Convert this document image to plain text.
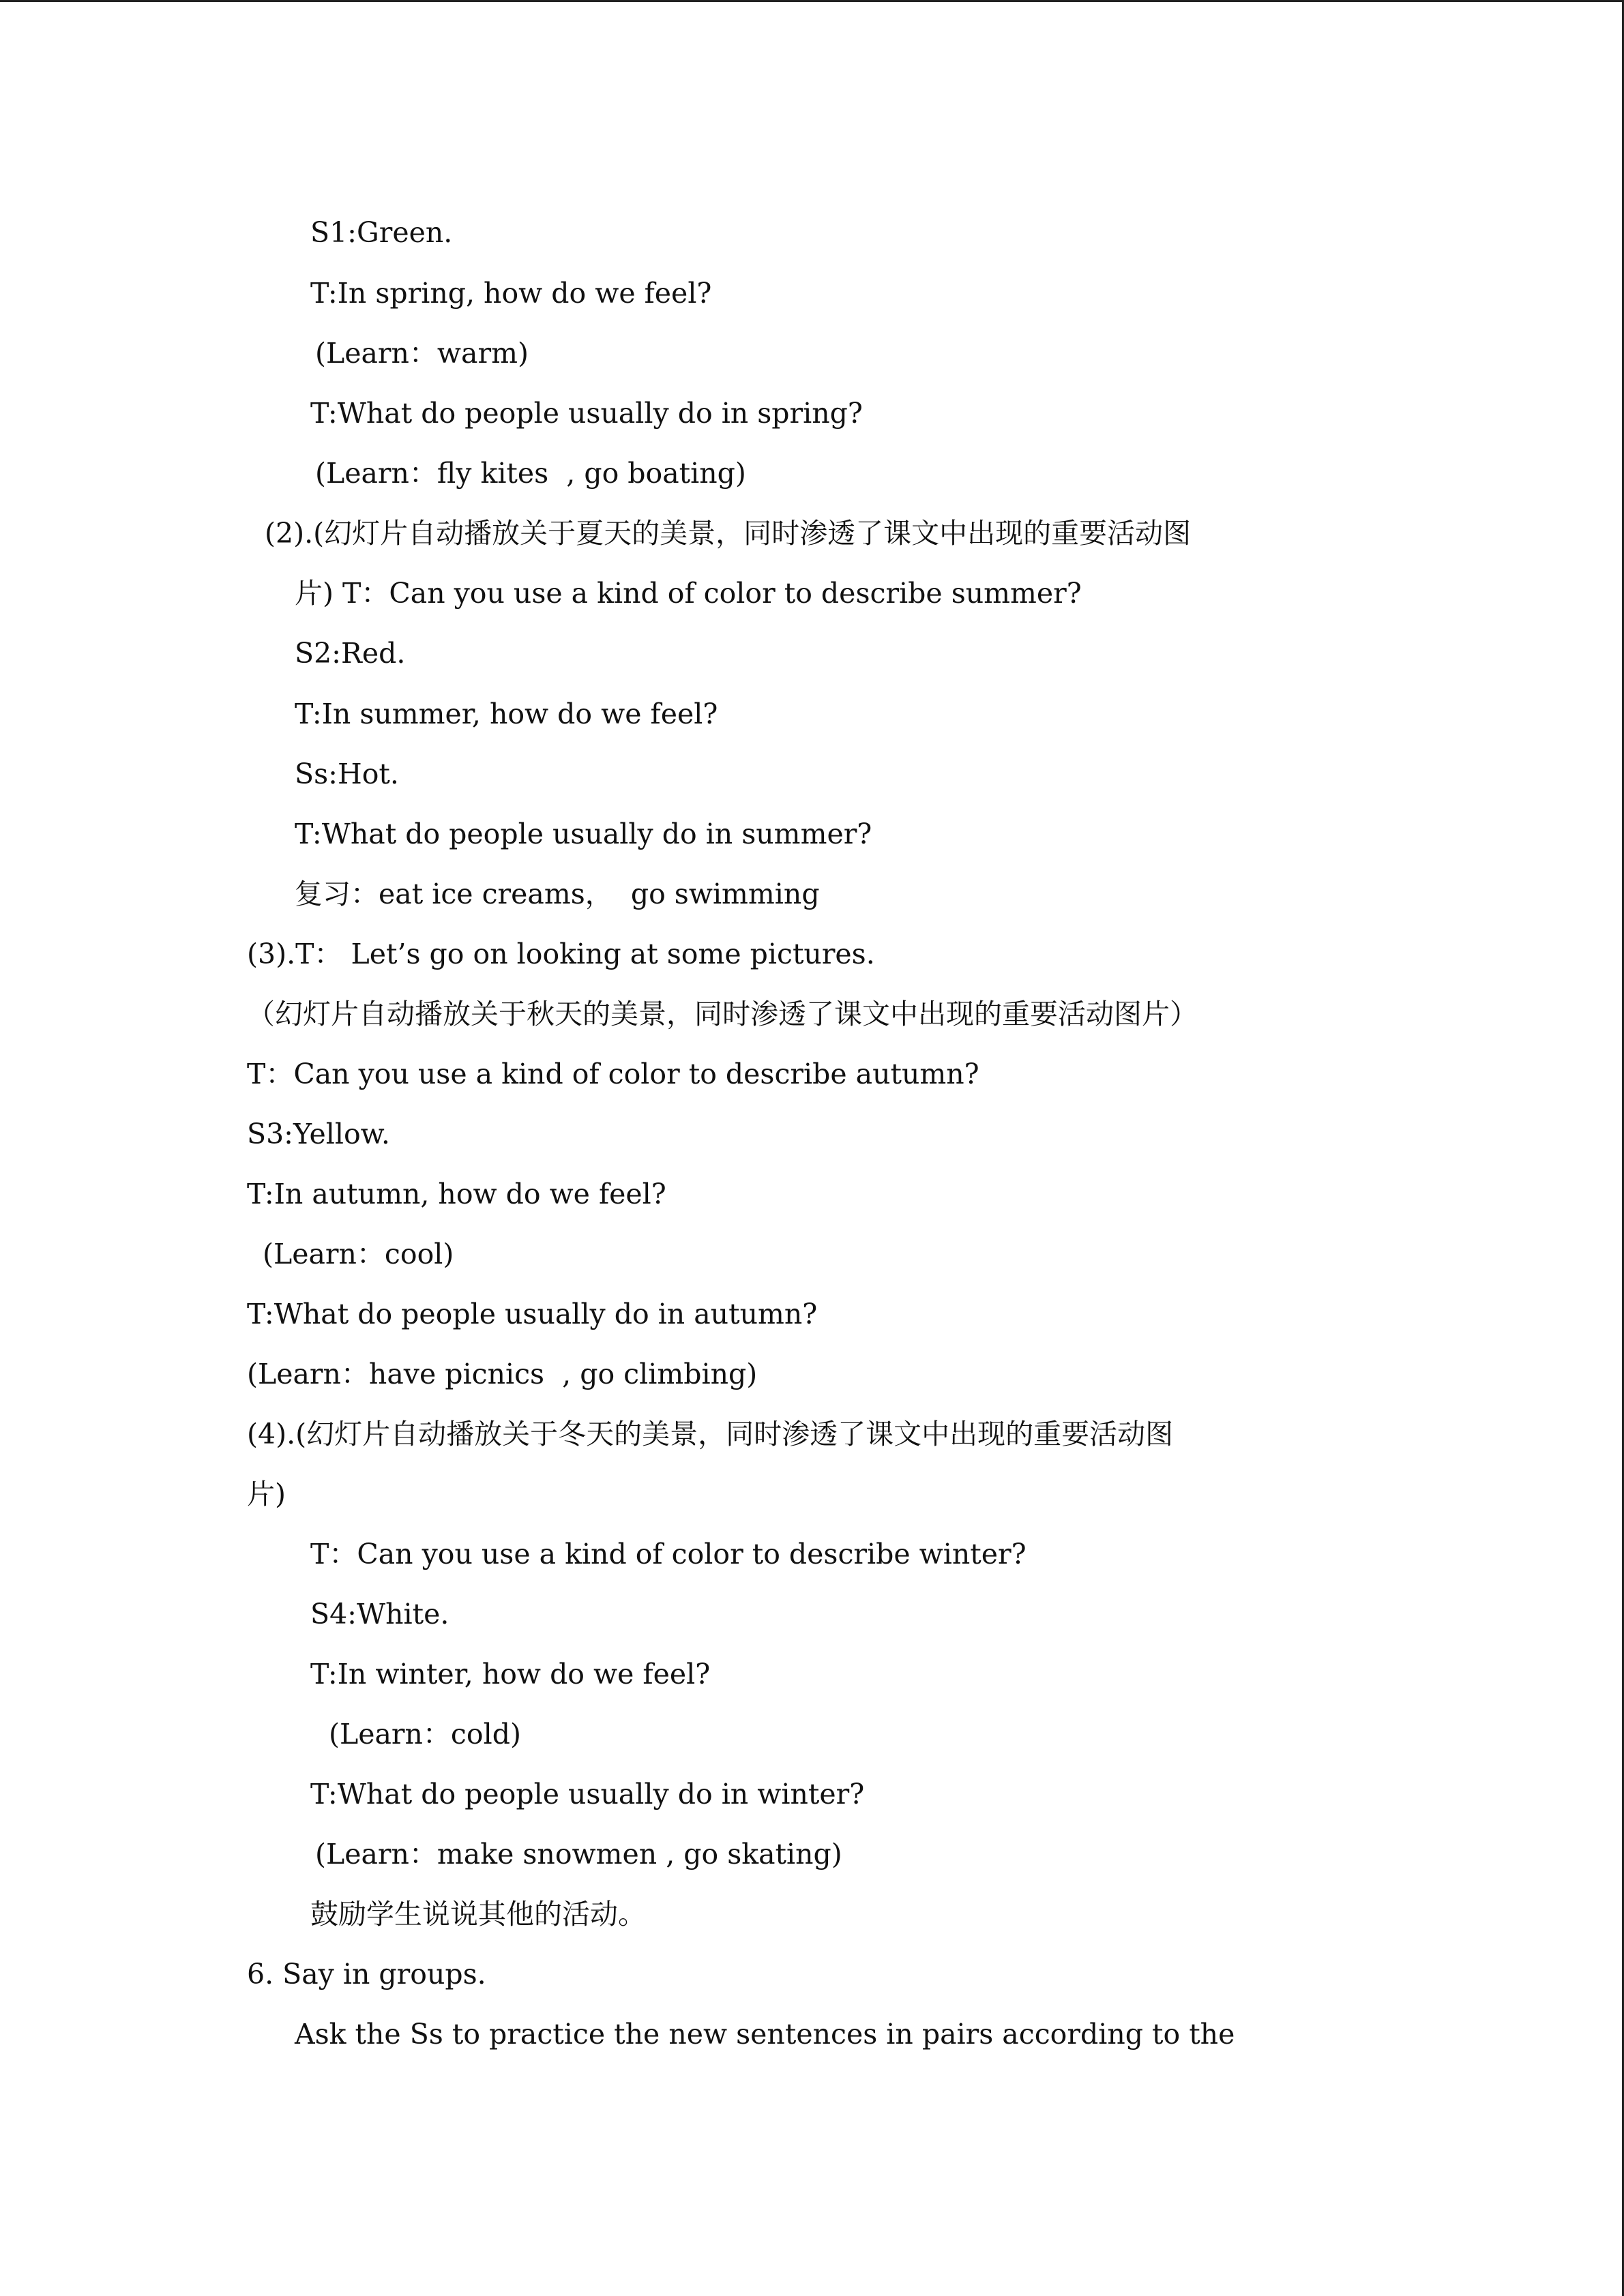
S1:Green.
T:In spring, how do we feel?
(Learn：warm)
T:What do people usually do in spring?
(Learn：fly kites  , go boating)
(2).(幻灯片自动播放关于夏天的美景，同时渗透了课文中出现的重要活动图
片) T：Can you use a kind of color to describe summer?
S2:Red.
T:In summer, how do we feel?
Ss:Hot.
T:What do people usually do in summer?
复习：eat ice creams，  go swimming
(3).T： Let’s go on looking at some pictures.
（幻灯片自动播放关于秋天的美景，同时渗透了课文中出现的重要活动图片）
T：Can you use a kind of color to describe autumn?
S3:Yellow.
T:In autumn, how do we feel?
(Learn：cool)
T:What do people usually do in autumn?
(Learn：have picnics  , go climbing)
(4).(幻灯片自动播放关于冬天的美景，同时渗透了课文中出现的重要活动图
片)
T：Can you use a kind of color to describe winter?
S4:White.
T:In winter, how do we feel?
(Learn：cold)
T:What do people usually do in winter?
(Learn：make snowmen , go skating)
鼓励学生说说其他的活动。
6. Say in groups.
Ask the Ss to practice the new sentences in pairs according to the
